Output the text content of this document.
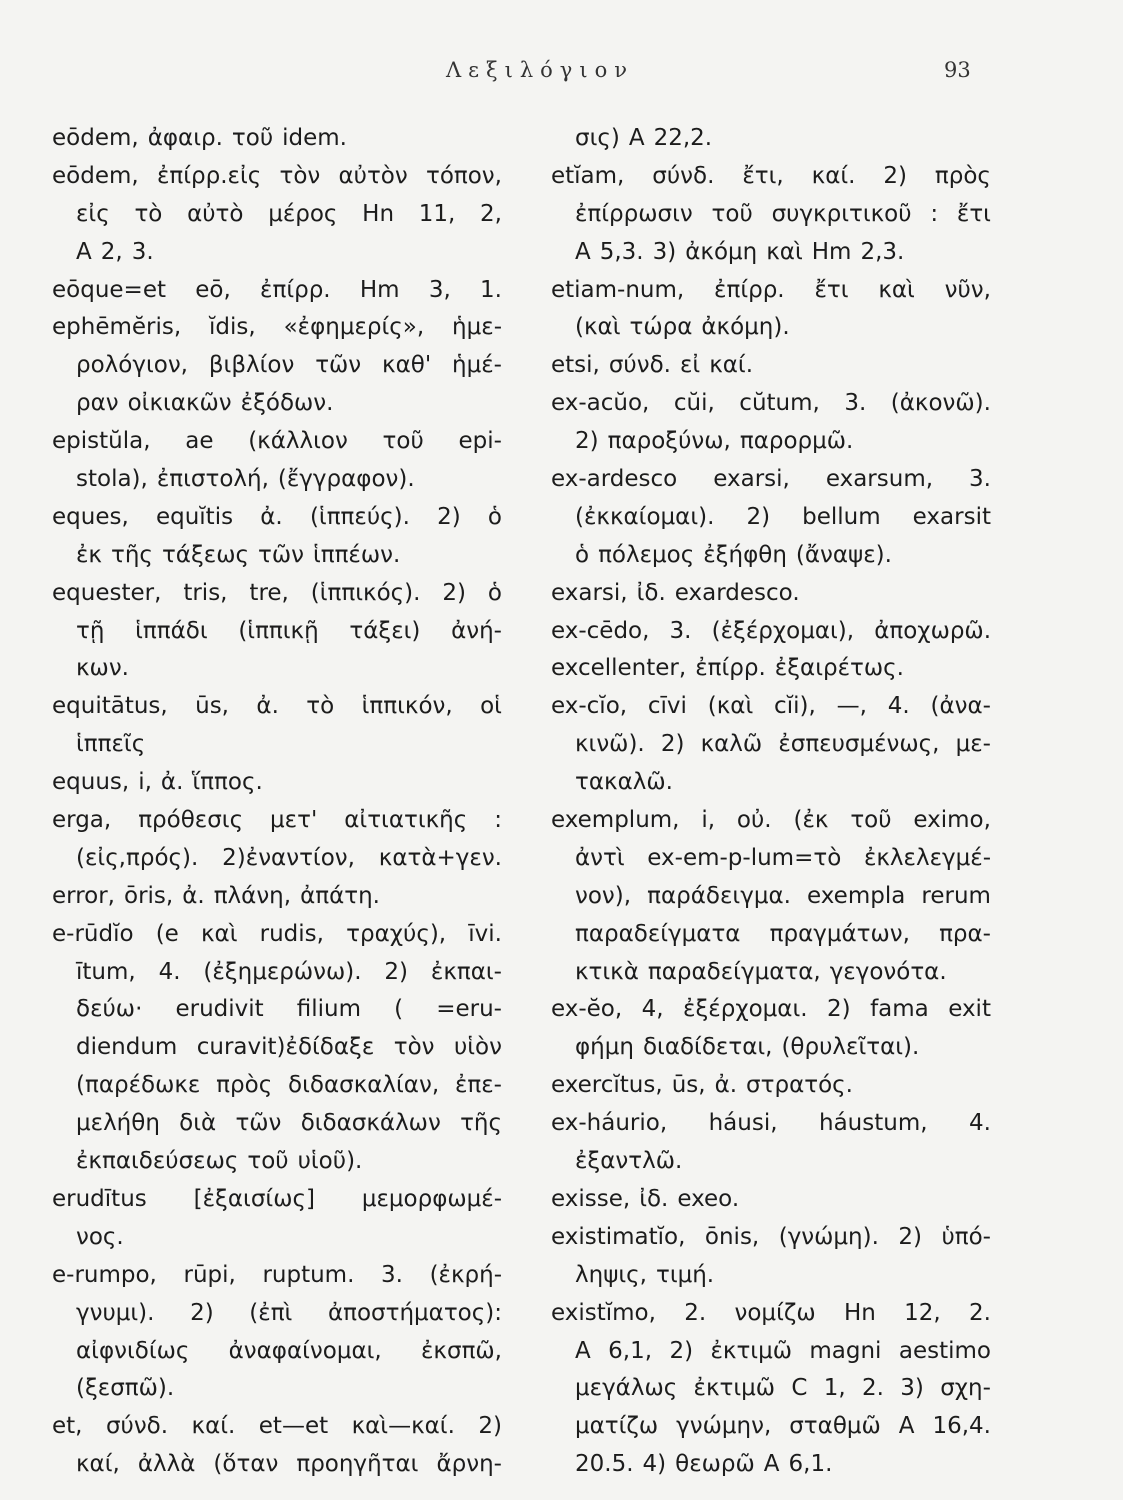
Λεξιλόγιον	93
eōdem, ἀφαιρ. τοῦ idem.
eōdem, ἐπίρρ.εἰς τὸν αὐτὸν τόπον,
εἰς τὸ αὐτὸ μέρος Hn 11, 2,
A 2, 3.
eōque=et eō, ἐπίρρ. Hm 3, 1.
ephēmĕris, ĭdis, «ἐφημερίς», ἡμε-
ρολόγιον, βιβλίον τῶν καθ' ἡμέ-
ραν οἰκιακῶν ἐξόδων.
epistŭla, ae (κάλλιον τοῦ epi-
stola), ἐπιστολή, (ἔγγραφον).
eques, equĭtis ἀ. (ἱππεύς). 2) ὁ
ἐκ τῆς τάξεως τῶν ἱππέων.
equester, tris, tre, (ἱππικός). 2) ὁ
τῇ ἱππάδι (ἱππικῇ τάξει) ἀνή-
κων.
equitātus, ūs, ἀ. τὸ ἱππικόν, οἱ
ἱππεῖς
equus, i, ἀ. ἵππος.
erga, πρόθεσις μετ' αἰτιατικῆς :
(εἰς,πρός). 2)ἐναντίον, κατὰ+γεν.
error, ōris, ἀ. πλάνη, ἀπάτη.
e-rūdĭo (e καὶ rudis, τραχύς), īvi.
ītum, 4. (ἐξημερώνω). 2) ἐκπαι-
δεύω· erudivit filium ( =eru-
diendum curavit)ἐδίδαξε τὸν υἱὸν
(παρέδωκε πρὸς διδασκαλίαν, ἐπε-
μελήθη διὰ τῶν διδασκάλων τῆς
ἐκπαιδεύσεως τοῦ υἱοῦ).
erudītus [ἐξαισίως] μεμορφωμέ-
νος.
e-rumpo, rūpi, ruptum. 3. (ἐκρή-
γνυμι). 2) (ἐπὶ ἀποστήματος):
αἰφνιδίως ἀναφαίνομαι, ἐκσπῶ,
(ξεσπῶ).
et, σύνδ. καί. et—et καὶ—καί. 2)
καί, ἀλλὰ (ὅταν προηγῆται ἄρνη-
σις) A 22,2.
etĭam, σύνδ. ἔτι, καί. 2) πρὸς
ἐπίρρωσιν τοῦ συγκριτικοῦ : ἔτι
A 5,3. 3) ἀκόμη καὶ Hm 2,3.
etiam-num, ἐπίρρ. ἔτι καὶ νῦν,
(καὶ τώρα ἀκόμη).
etsi, σύνδ. εἰ καί.
ex-acŭo, cŭi, cŭtum, 3. (ἀκονῶ).
2) παροξύνω, παρορμῶ.
ex-ardesco exarsi, exarsum, 3.
(ἐκκαίομαι). 2) bellum exarsit
ὁ πόλεμος ἐξήφθη (ἄναψε).
exarsi, ἰδ. exardesco.
ex-cēdo, 3. (ἐξέρχομαι), ἀποχωρῶ.
excellenter, ἐπίρρ. ἐξαιρέτως.
ex-cĭo, cīvi (καὶ cĭi), —, 4. (ἀνα-
κινῶ). 2) καλῶ ἐσπευσμένως, με-
τακαλῶ.
exemplum, i, οὐ. (ἐκ τοῦ eximo,
ἀντὶ ex-em-p-lum=τὸ ἐκλελεγμέ-
νον), παράδειγμα. exempla rerum
παραδείγματα πραγμάτων, πρα-
κτικὰ παραδείγματα, γεγονότα.
ex-ĕo, 4, ἐξέρχομαι. 2) fama exit
φήμη διαδίδεται, (θρυλεῖται).
exercĭtus, ūs, ἀ. στρατός.
ex-háurio, háusi, háustum, 4.
ἐξαντλῶ.
exisse, ἰδ. exeo.
existimatĭo, ōnis, (γνώμη). 2) ὑπό-
ληψις, τιμή.
existĭmo, 2. νομίζω Hn 12, 2.
A 6,1, 2) ἐκτιμῶ magni aestimo
μεγάλως ἐκτιμῶ C 1, 2. 3) σχη-
ματίζω γνώμην, σταθμῶ A 16,4.
20.5. 4) θεωρῶ A 6,1.
